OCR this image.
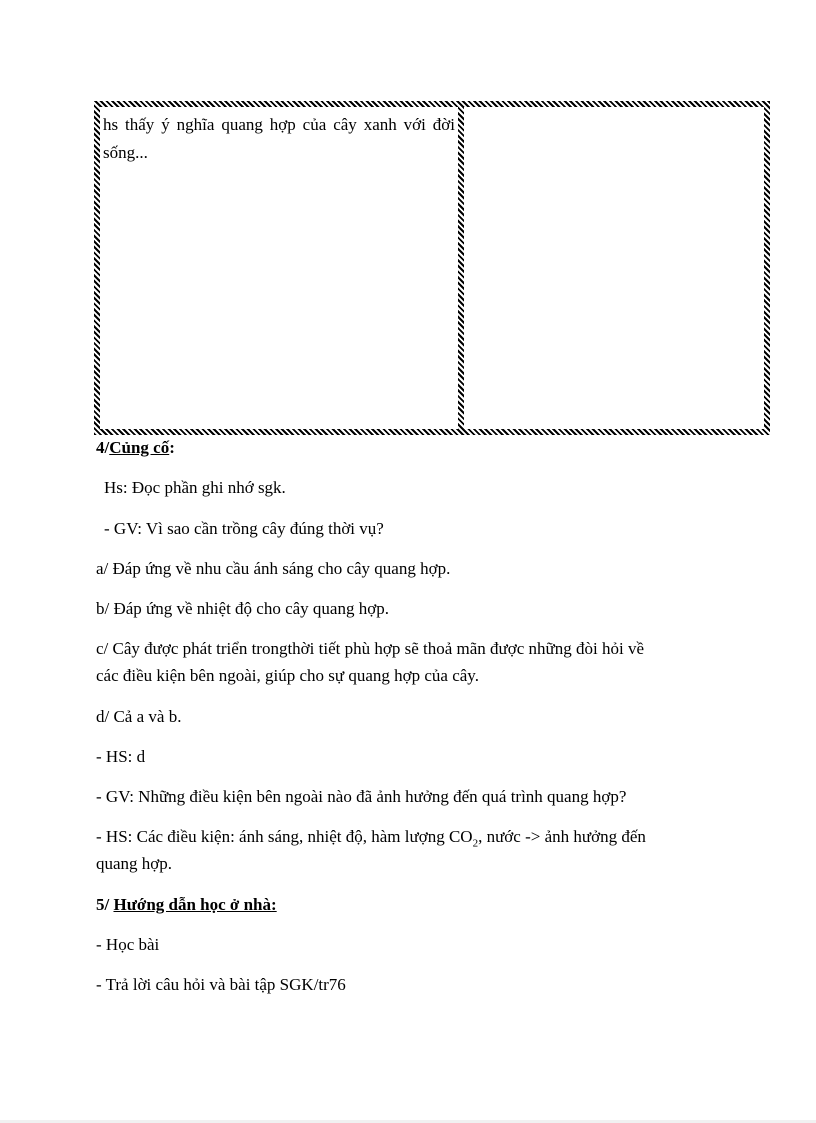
hs thấy ý nghĩa quang hợp của cây xanh với đời sống...
4/Củng cố:
Hs: Đọc phần ghi nhớ sgk.
- GV: Vì sao cần trồng cây đúng thời vụ?
a/ Đáp ứng về nhu cầu ánh sáng cho cây quang hợp.
b/ Đáp ứng về nhiệt độ cho cây quang hợp.
c/ Cây được phát triển trongthời tiết phù hợp sẽ thoả mãn được những đòi hỏi về
các điều kiện bên ngoài, giúp cho sự quang hợp của cây.
d/ Cả a và b.
- HS: d
- GV: Những điều kiện bên ngoài nào đã ảnh hưởng đến quá trình quang hợp?
- HS: Các điều kiện: ánh sáng, nhiệt độ, hàm lượng $CO_2$, nước -> ảnh hưởng đến
quang hợp.
5/ Hướng dẫn học ở nhà:
- Học bài
- Trả lời câu hỏi và bài tập SGK/tr76
